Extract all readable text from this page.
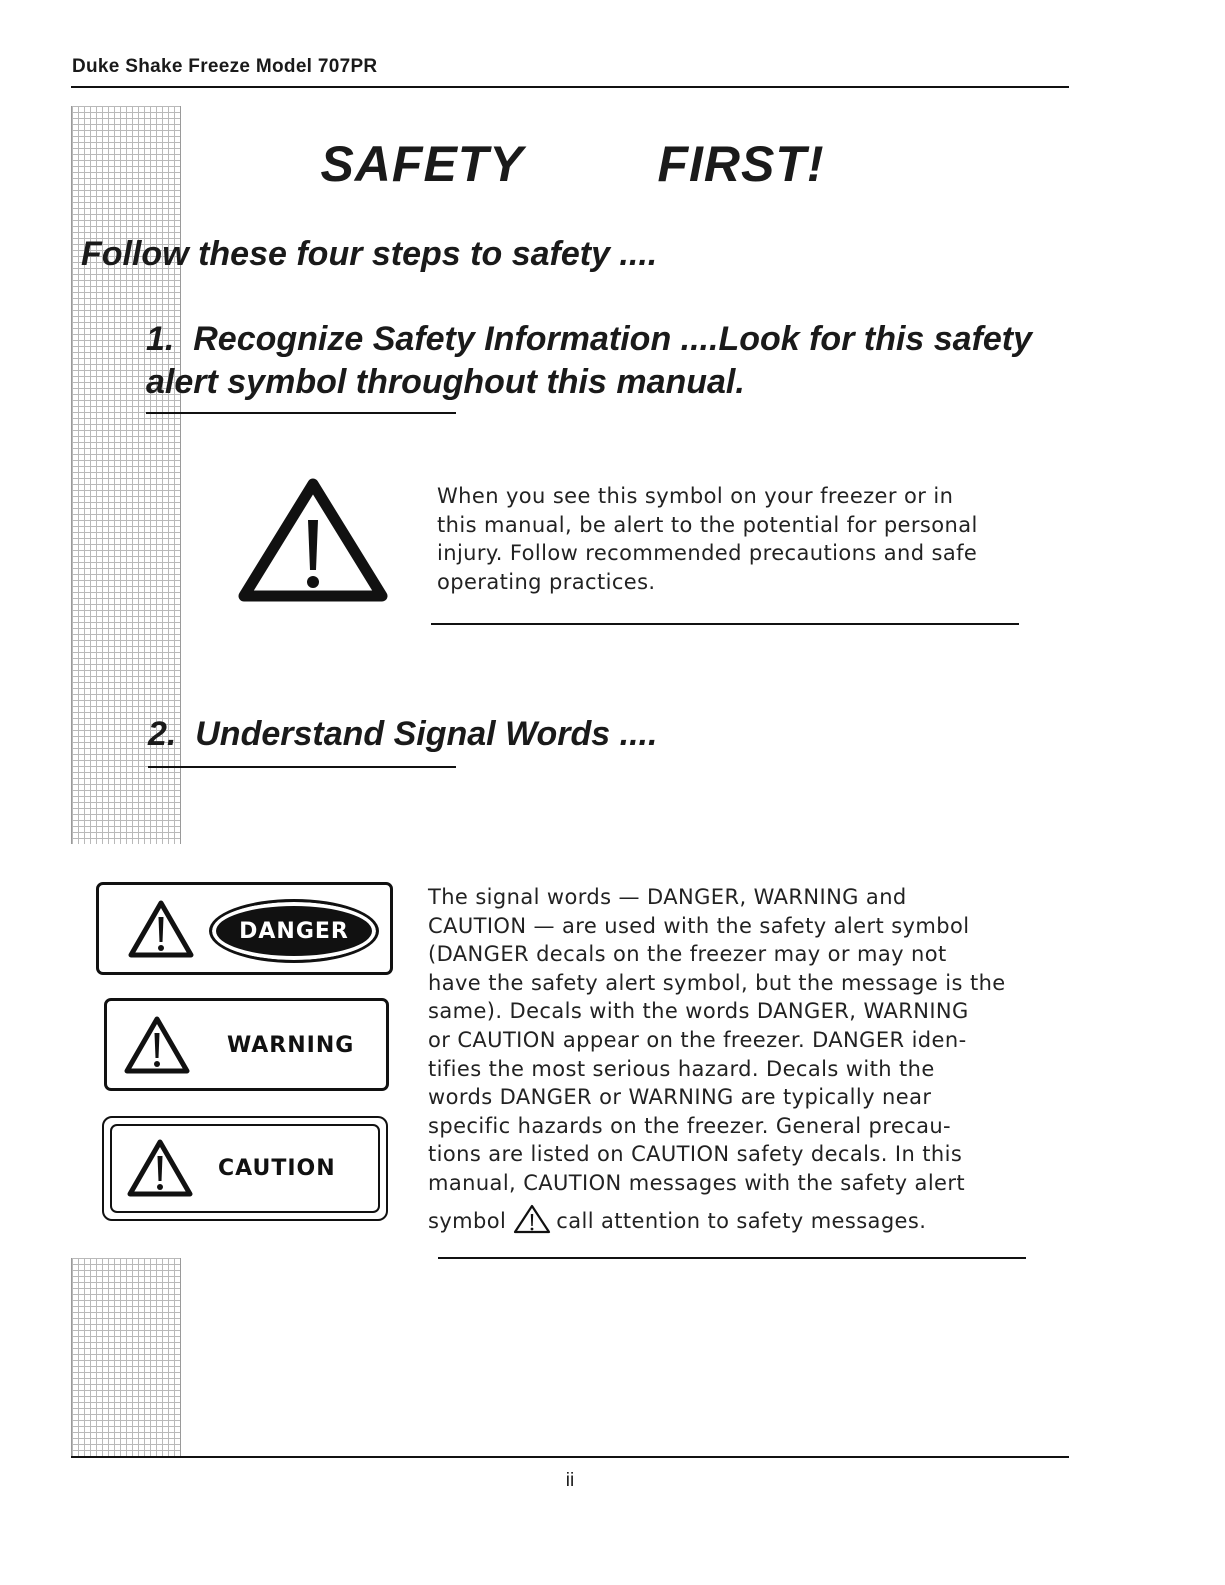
Duke Shake Freeze Model 707PR
SAFETY   FIRST!
Follow these four steps to safety ....
1.  Recognize Safety Information ....Look for this safety
alert symbol throughout this manual.
When you see this symbol on your freezer or in
this manual, be alert to the potential for personal
injury. Follow recommended precautions and safe
operating practices.
2.  Understand Signal Words ....
DANGER
WARNING
CAUTION
The signal words — DANGER, WARNING and
CAUTION — are used with the safety alert symbol
(DANGER decals on the freezer may or may not
have the safety alert symbol, but the message is the
same). Decals with the words DANGER, WARNING
or CAUTION appear on the freezer. DANGER iden-
tifies the most serious hazard. Decals with the
words DANGER or WARNING are typically near
specific hazards on the freezer. General precau-
tions are listed on CAUTION safety decals. In this
manual, CAUTION messages with the safety alert
symbol call attention to safety messages.
ii
